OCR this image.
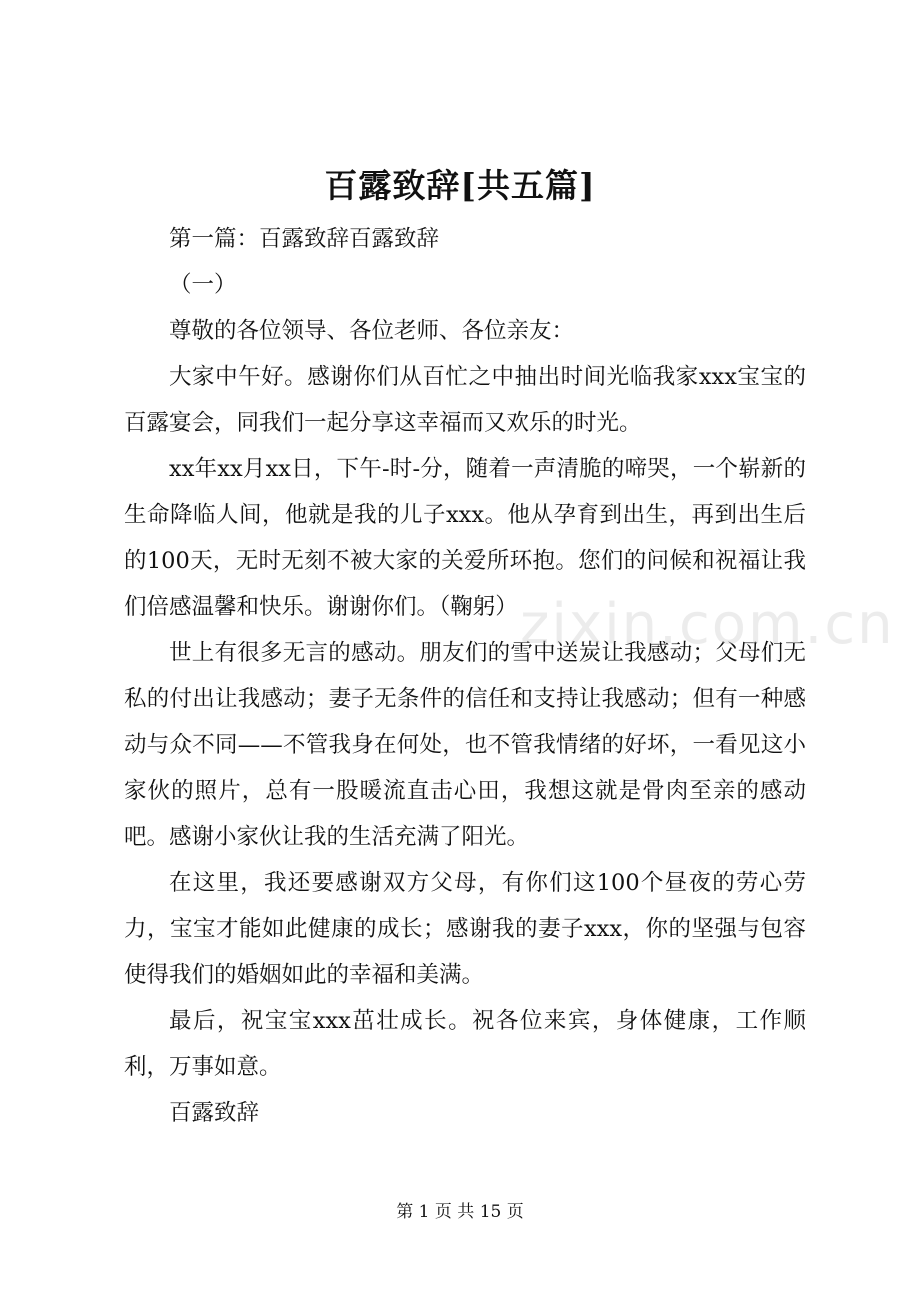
百露致辞[共五篇]

第一篇：百露致辞百露致辞

（一）

尊敬的各位领导、各位老师、各位亲友：

大家中午好。感谢你们从百忙之中抽出时间光临我家xxx宝宝的百露宴会，同我们一起分享这幸福而又欢乐的时光。

xx年xx月xx日，下午-时-分，随着一声清脆的啼哭，一个崭新的生命降临人间，他就是我的儿子xxx。他从孕育到出生，再到出生后的100天，无时无刻不被大家的关爱所环抱。您们的问候和祝福让我们倍感温馨和快乐。谢谢你们。（鞠躬）

世上有很多无言的感动。朋友们的雪中送炭让我感动；父母们无私的付出让我感动；妻子无条件的信任和支持让我感动；但有一种感动与众不同——不管我身在何处，也不管我情绪的好坏，一看见这小家伙的照片，总有一股暖流直击心田，我想这就是骨肉至亲的感动吧。感谢小家伙让我的生活充满了阳光。

在这里，我还要感谢双方父母，有你们这100个昼夜的劳心劳力，宝宝才能如此健康的成长；感谢我的妻子xxx，你的坚强与包容使得我们的婚姻如此的幸福和美满。

最后，祝宝宝xxx茁壮成长。祝各位来宾，身体健康，工作顺利，万事如意。

百露致辞

zixin.com.cn
第 1 页 共 15 页
